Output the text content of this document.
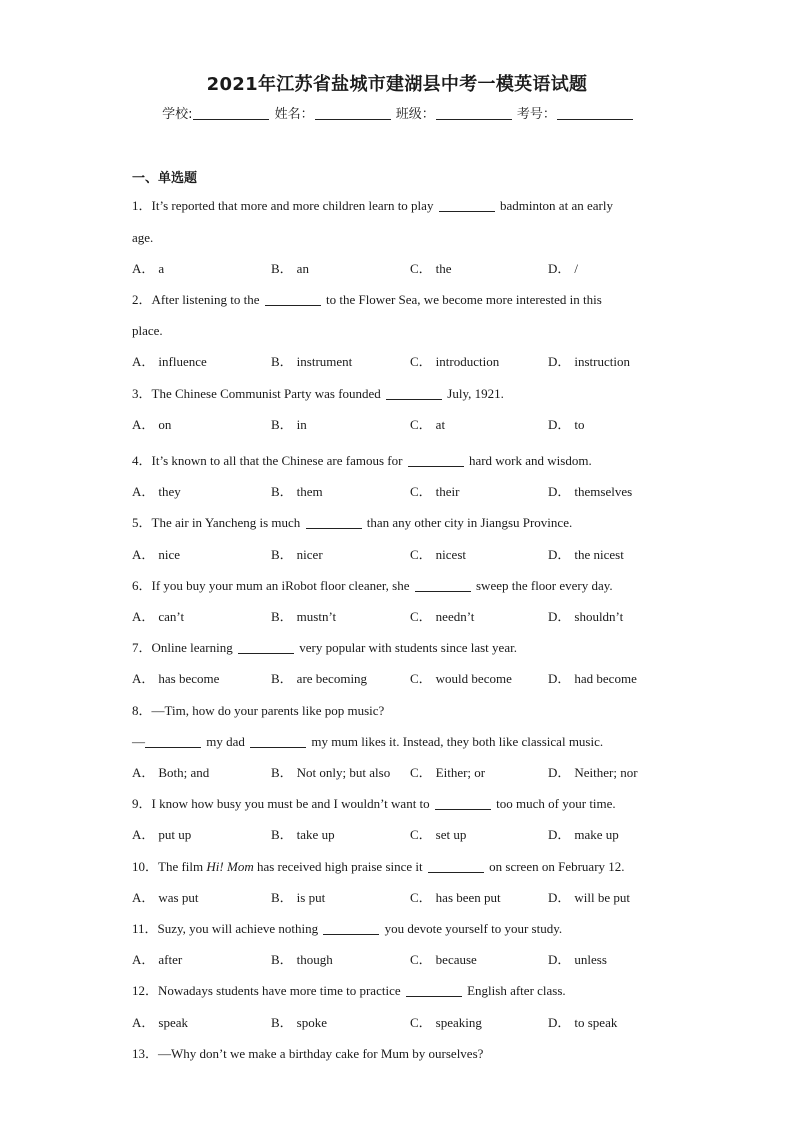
2021年江苏省盐城市建湖县中考一模英语试题
学校:	姓名：	班级：	考号：
一、单选题
1．It’s reported that more and more children learn to play	badminton at an early
age.
A． a	B． an	C． the	D． /
2．After listening to the	to the Flower Sea, we become more interested in this
place.
A． influence	B． instrument	C． introduction	D． instruction
3．The Chinese Communist Party was founded	July, 1921.
A． on	B． in	C． at	D． to
4．It’s known to all that the Chinese are famous for	hard work and wisdom.
A． they	B． them	C． their	D． themselves
5．The air in Yancheng is much	than any other city in Jiangsu Province.
A． nice	B． nicer	C． nicest	D． the nicest
6．If you buy your mum an iRobot floor cleaner, she	sweep the floor every day.
A． can’t	B． mustn’t	C． needn’t	D． shouldn’t
7．Online learning	very popular with students since last year.
A． has become	B． are becoming	C． would become	D． had become
8．—Tim, how do your parents like pop music?
—	my dad	my mum likes it. Instead, they both like classical music.
A． Both; and	B． Not only; but also C． Either; or	D． Neither; nor
9．I know how busy you must be and I wouldn’t want to	too much of your time.
A． put up	B． take up	C． set up	D． make up
10．The film Hi! Mom has received high praise since it	on screen on February 12.
A． was put	B． is put	C． has been put	D． will be put
11．Suzy, you will achieve nothing	you devote yourself to your study.
A． after	B． though	C． because	D． unless
12．Nowadays students have more time to practice	English after class.
A． speak	B． spoke	C． speaking	D． to speak
13．—Why don’t we make a birthday cake for Mum by ourselves?
